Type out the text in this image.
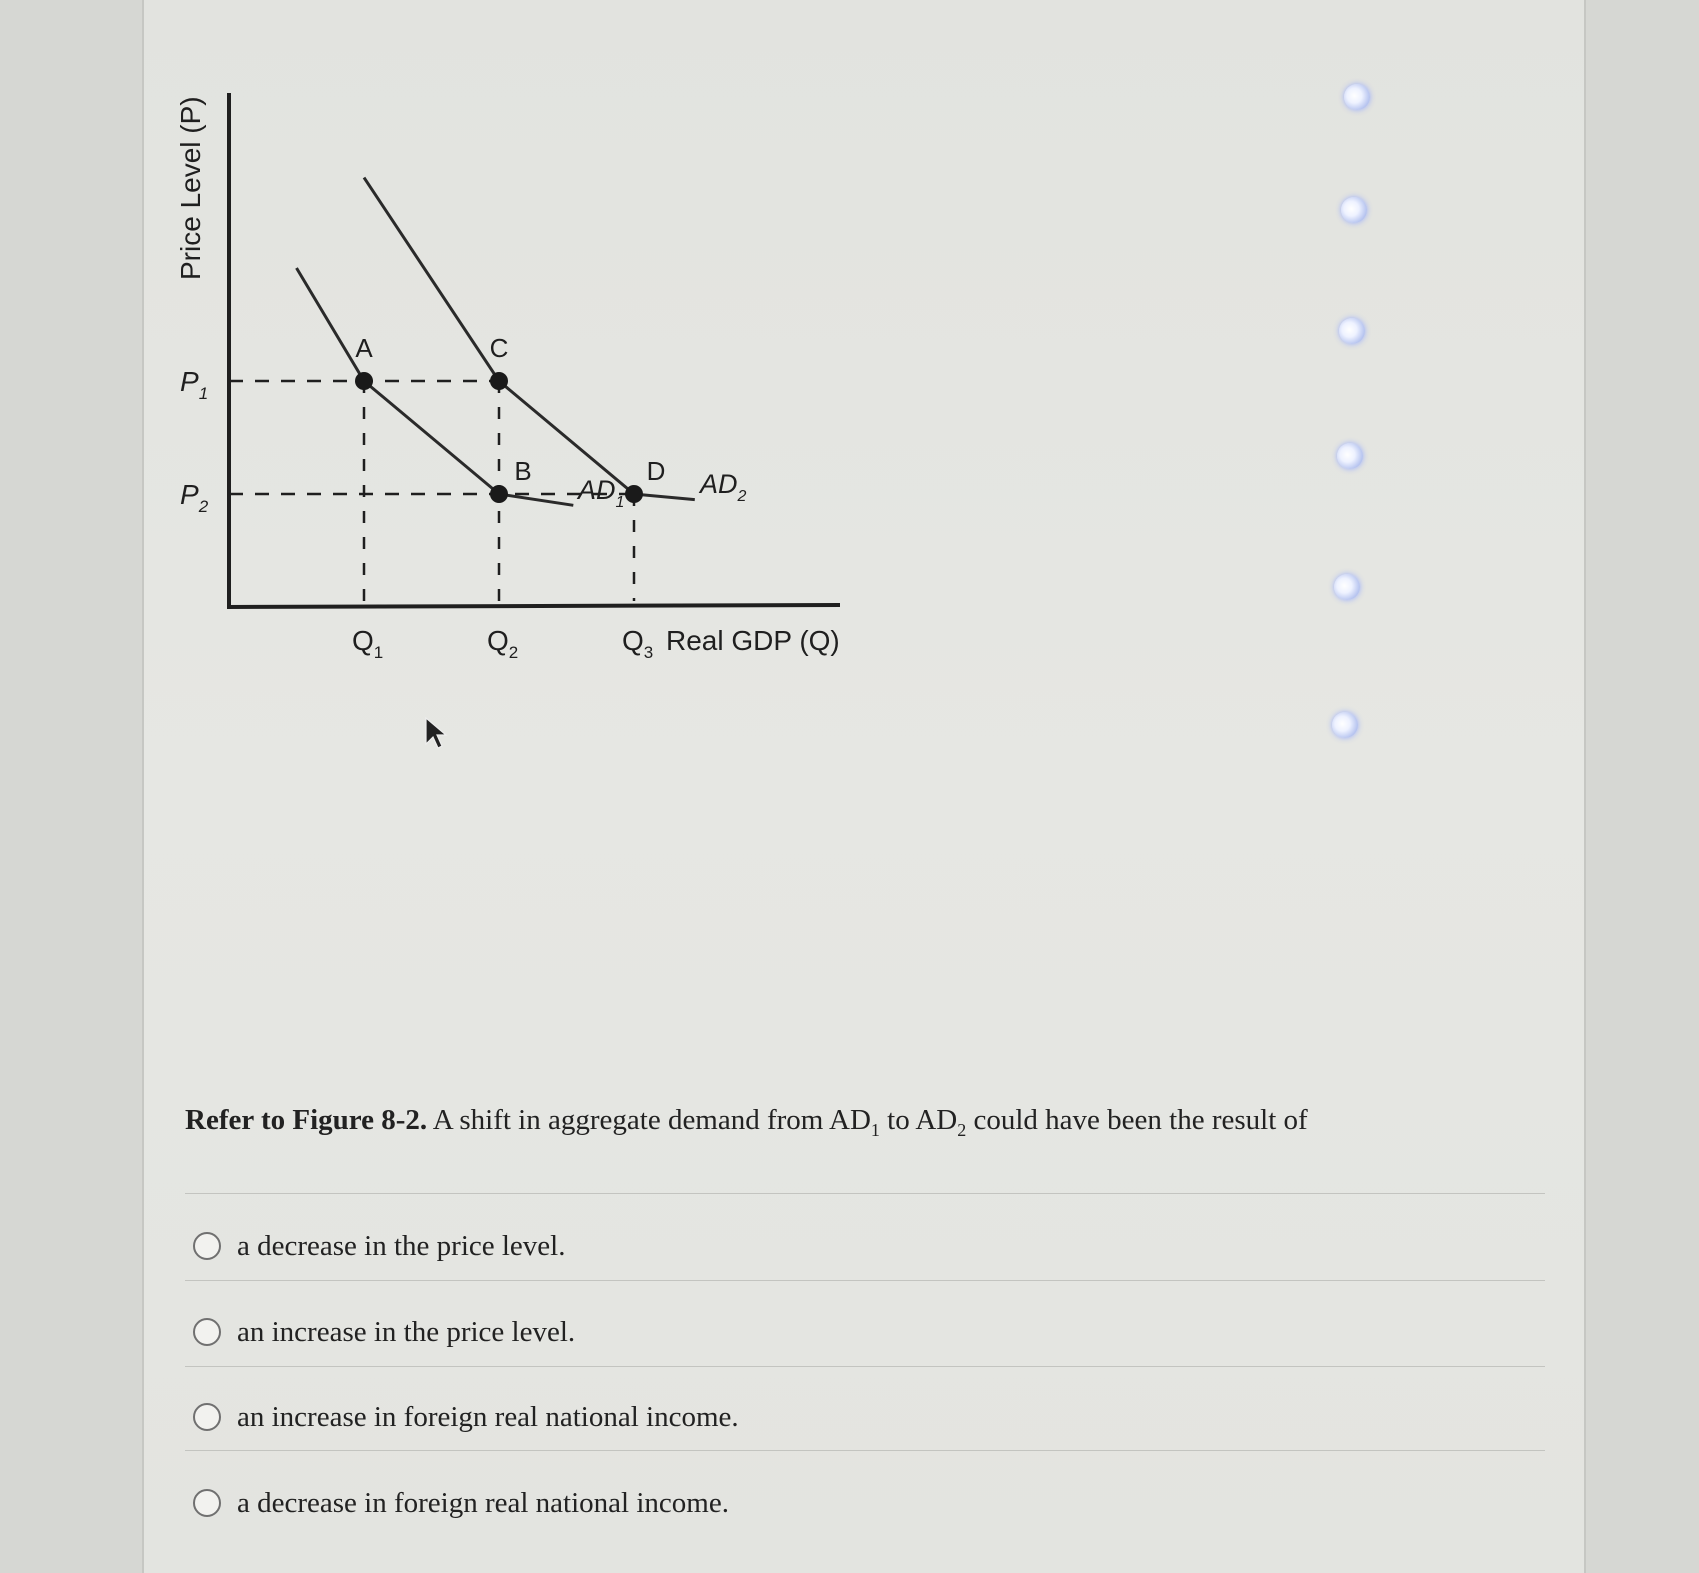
A	C
B	D
$P_1$
$P_2$
$Q_1$	$Q_2$	$Q_3$
$AD_1$
$AD_2$
Real GDP (Q)
Price Level (P)
Refer to Figure 8-2. A shift in aggregate demand from $AD_1$ to $AD_2$ could have been the result of
a decrease in the price level.
an increase in the price level.
an increase in foreign real national income.
a decrease in foreign real national income.
